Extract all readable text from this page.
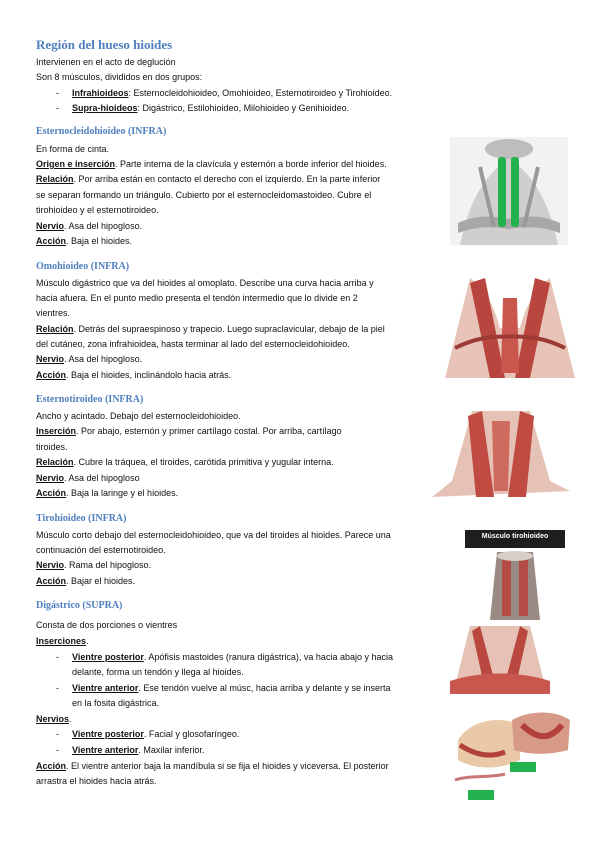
Región del hueso hioides
Intervienen en el acto de deglución
Son 8 músculos, divididos en dos grupos:
- Infrahioideos: Esternocleidohioideo, Omohioideo, Esternotiroideo y Tirohioideo.
- Supra-hioideos: Digástrico, Estilohioideo, Milohioideo y Genihioideo.
Esternocleidohioideo (INFRA)
En forma de cinta.
Origen e inserción. Parte interna de la clavícula y esternón a borde inferior del hioides.
Relación. Por arriba están en contacto el derecho con el izquierdo. En la parte inferior
se separan formando un triángulo. Cubierto por el esternocleidomastoideo. Cubre el
tirohioideo y el esternotiroideo.
Nervio. Asa del hipogloso.
Acción. Baja el hioides.
Omohioideo (INFRA)
Músculo digástrico que va del hioides al omoplato. Describe una curva hacia arriba y
hacia afuera. En el punto medio presenta el tendón intermedio que lo divide en 2
vientres.
Relación. Detrás del supraespinoso y trapecio. Luego supraclavicular, debajo de la piel
del cutáneo, zona infrahioidea, hasta terminar al lado del esternocleidohioideo.
Nervio. Asa del hipogloso.
Acción. Baja el hioides, inclinándolo hacia atrás.
Esternotiroideo (INFRA)
Ancho y acintado. Debajo del esternocleidohioideo.
Inserción. Por abajo, esternón y primer cartílago costal. Por arriba, cartílago
tiroides.
Relación. Cubre la tráquea, el tiroides, carótida primitiva y yugular interna.
Nervio. Asa del hipogloso
Acción. Baja la laringe y el hioides.
Tirohioideo (INFRA)
Músculo corto debajo del esternocleidohioideo, que va del tiroides al hioides. Parece una
continuación del esternotiroideo.
Nervio. Rama del hipogloso.
Acción. Bajar el hioides.
Digástrico (SUPRA)
Consta de dos porciones o vientres
Inserciones.
- Vientre posterior. Apófisis mastoides (ranura digástrica), va hacia abajo y hacia
delante, forma un tendón y llega al hioides.
- Vientre anterior. Ese tendón vuelve al músc, hacia arriba y delante y se inserta
en la fosita digástrica.
Nervios.
- Vientre posterior. Facial y glosofaríngeo.
- Vientre anterior. Maxilar inferior.
Acción. El vientre anterior baja la mandíbula si se fija el hioides y viceversa. El posterior
arrastra el hioides hacia atrás.
Músculo tirohioideo
